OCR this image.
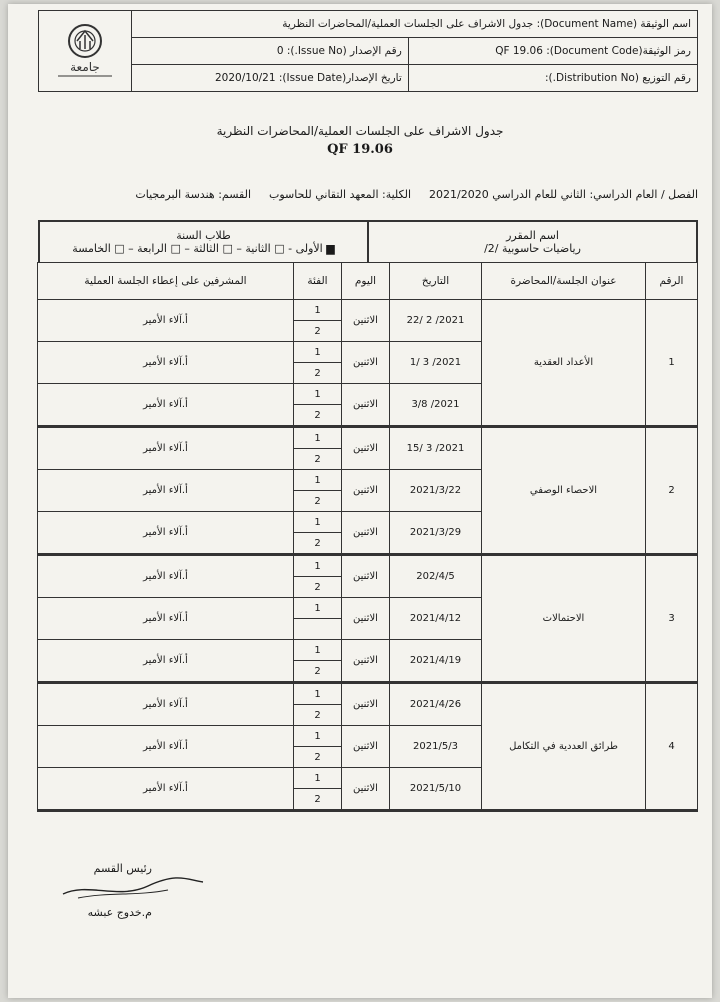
اسم الوثيقة (Document Name): جدول الاشراف على الجلسات العملية/المحاضرات النظرية		جامعة

رمز الوثيقة(Document Code): QF 19.06	رقم الإصدار (Issue No.): 0	
رقم التوزيع (Distribution No.):	تاريخ الإصدار(Issue Date): 2020/10/21	
جدول الاشراف على الجلسات العملية/المحاضرات النظرية
QF 19.06
الفصل / العام الدراسي: الثاني للعام الدراسي 2021/2020
الكلية: المعهد التقاني للحاسوب
القسم: هندسة البرمجيات
اسم المقرر
رياضيات حاسوبية /2/
طلاب السنة
▆ الأولى - □ الثانية – □ الثالثة – □ الرابعة – □ الخامسة
الرقم	عنوان الجلسة/المحاضرة	التاريخ	اليوم	الفئة	المشرفين على إعطاء الجلسة العملية
1	الأعداد العقدية	2021/ 2 /22	الاثنين	1	أ.آلاء الأمير
				2	
		2021/ 3 /1	الاثنين	1	أ.آلاء الأمير
				2	
		2021/ 3/8	الاثنين	1	أ.آلاء الأمير
				2	
2	الاحصاء الوصفي	2021/ 3 /15	الاثنين	1	أ.آلاء الأمير
				2	
		2021/3/22	الاثنين	1	أ.آلاء الأمير
				2	
		2021/3/29	الاثنين	1	أ.آلاء الأمير
				2	
3	الاحتمالات	202/4/5	الاثنين	1	أ.آلاء الأمير
				2	
		2021/4/12	الاثنين	1	أ.آلاء الأمير

		2021/4/19	الاثنين	1	أ.آلاء الأمير
				2	
4	طرائق العددية في التكامل	2021/4/26	الاثنين	1	أ.آلاء الأمير
				2	
		2021/5/3	الاثنين	1	أ.آلاء الأمير
				2	
		2021/5/10	الاثنين	1	أ.آلاء الأمير
				2	
رئيس القسم
م.خدوج عبشه
